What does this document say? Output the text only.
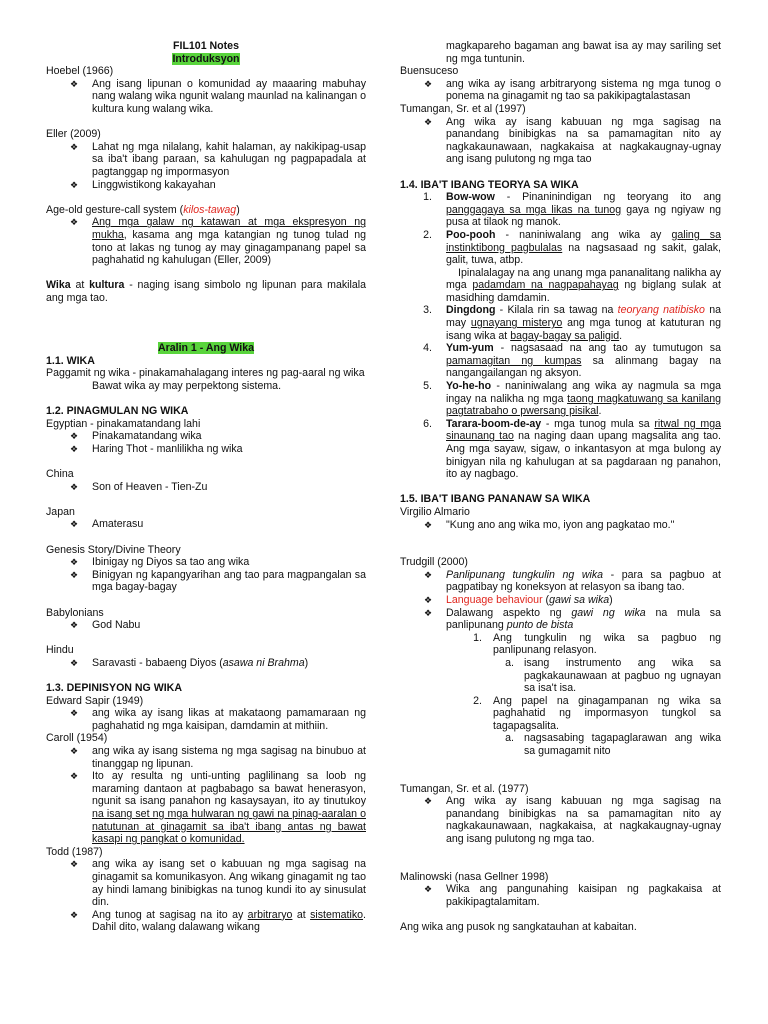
FIL101 Notes

Introduksyon

Hoebel (1966)

❖ Ang isang lipunan o komunidad ay maaaring mabuhay nang walang wika ngunit walang maunlad na kalinangan o kultura kung walang wika.

Eller (2009)

❖ Lahat ng mga nilalang, kahit halaman, ay nakikipag-usap sa iba't ibang paraan, sa kahulugan ng pagpapadala at pagtanggap ng impormasyon

❖ Linggwistikong kakayahan

Age-old gesture-call system (kilos-tawag)

❖ Ang mga galaw ng katawan at mga ekspresyon ng mukha, kasama ang mga katangian ng tunog tulad ng tono at lakas ng tunog ay may ginagampanang papel sa paghahatid ng kahulugan (Eller, 2009)

Wika at kultura - naging isang simbolo ng lipunan para makilala ang mga tao.

Aralin 1 - Ang Wika

1.1. WIKA

Paggamit ng wika - pinakamahalagang interes ng pag-aaral ng wika

Bawat wika ay may perpektong sistema.

1.2. PINAGMULAN NG WIKA

Egyptian - pinakamatandang lahi

❖ Pinakamatandang wika

❖ Haring Thot - manlilikha ng wika

China

❖ Son of Heaven - Tien-Zu

Japan

❖ Amaterasu

Genesis Story/Divine Theory

❖ Ibinigay ng Diyos sa tao ang wika

❖ Binigyan ng kapangyarihan ang tao para magpangalan sa mga bagay-bagay

Babylonians

❖ God Nabu

Hindu

❖ Saravasti - babaeng Diyos (asawa ni Brahma)

1.3. DEPINISYON NG WIKA

Edward Sapir (1949)

❖ ang wika ay isang likas at makataong pamamaraan ng paghahatid ng mga kaisipan, damdamin at mithiin.

Caroll (1954)

❖ ang wika ay isang sistema ng mga sagisag na binubuo at tinanggap ng lipunan.

❖ Ito ay resulta ng unti-unting paglilinang sa loob ng maraming dantaon at pagbabago sa bawat henerasyon, ngunit sa isang panahon ng kasaysayan, ito ay tinutukoy na isang set ng mga hulwaran ng gawi na pinag-aaralan o natutunan at ginagamit sa iba't ibang antas ng bawat kasapi ng pangkat o komunidad.

Todd (1987)

❖ ang wika ay isang set o kabuuan ng mga sagisag na ginagamit sa komunikasyon. Ang wikang ginagamit ng tao ay hindi lamang binibigkas na tunog kundi ito ay sinusulat din.

❖ Ang tunog at sagisag na ito ay arbitraryo at sistematiko. Dahil dito, walang dalawang wikang

magkapareho bagaman ang bawat isa ay may sariling set ng mga tuntunin.

Buensuceso

❖ ang wika ay isang arbitraryong sistema ng mga tunog o ponema na ginagamit ng tao sa pakikipagtalastasan

Tumangan, Sr. et al (1997)

❖ Ang wika ay isang kabuuan ng mga sagisag na panandang binibigkas na sa pamamagitan nito ay nagkakaunawaan, nagkakaisa at nagkakaugnay-ugnay ang isang pulutong ng mga tao

1.4. IBA'T IBANG TEORYA SA WIKA

1. Bow-wow - Pinaninindigan ng teoryang ito ang panggagaya sa mga likas na tunog gaya ng ngiyaw ng pusa at tilaok ng manok.

2. Poo-pooh - naniniwalang ang wika ay galing sa instinktibong pagbulalas na nagsasaad ng sakit, galak, galit, tuwa, atbp.

Ipinalalagay na ang unang mga pananalitang nalikha ay mga padamdam na nagpapahayag ng biglang sulak at masidhing damdamin.

3. Dingdong - Kilala rin sa tawag na teoryang natibisko na may ugnayang misteryo ang mga tunog at katuturan ng isang wika at bagay-bagay sa paligid.

4. Yum-yum - nagsasaad na ang tao ay tumutugon sa pamamagitan ng kumpas sa alinmang bagay na nangangailangan ng aksyon.

5. Yo-he-ho - naniniwalang ang wika ay nagmula sa mga ingay na nalikha ng mga taong magkatuwang sa kanilang pagtatrabaho o pwersang pisikal.

6. Tarara-boom-de-ay - mga tunog mula sa ritwal ng mga sinaunang tao na naging daan upang magsalita ang tao. Ang mga sayaw, sigaw, o inkantasyon at mga bulong ay binigyan nila ng kahulugan at sa pagdaraan ng panahon, ito ay nagbago.

1.5. IBA'T IBANG PANANAW SA WIKA

Virgilio Almario

❖ "Kung ano ang wika mo, iyon ang pagkatao mo."

Trudgill (2000)

❖ Panlipunang tungkulin ng wika - para sa pagbuo at pagpatibay ng koneksyon at relasyon sa ibang tao.

❖ Language behaviour (gawi sa wika)

❖ Dalawang aspekto ng gawi ng wika na mula sa panlipunang punto de bista

1. Ang tungkulin ng wika sa pagbuo ng panlipunang relasyon.

a. isang instrumento ang wika sa pagkakaunawaan at pagbuo ng ugnayan sa isa't isa.

2. Ang papel na ginagampanan ng wika sa paghahatid ng impormasyon tungkol sa tagapagsalita.

a. nagsasabing tagapaglarawan ang wika sa gumagamit nito

Tumangan, Sr. et al. (1977)

❖ Ang wika ay isang kabuuan ng mga sagisag na panandang binibigkas na sa pamamagitan nito ay nagkakaunawaan, nagkakaisa, at nagkakaugnay-ugnay ang isang pulutong ng mga tao.

Malinowski (nasa Gellner 1998)

❖ Wika ang pangunahing kaisipan ng pagkakaisa at pakikipagtalamitam.

Ang wika ang pusok ng sangkatauhan at kabaitan.
